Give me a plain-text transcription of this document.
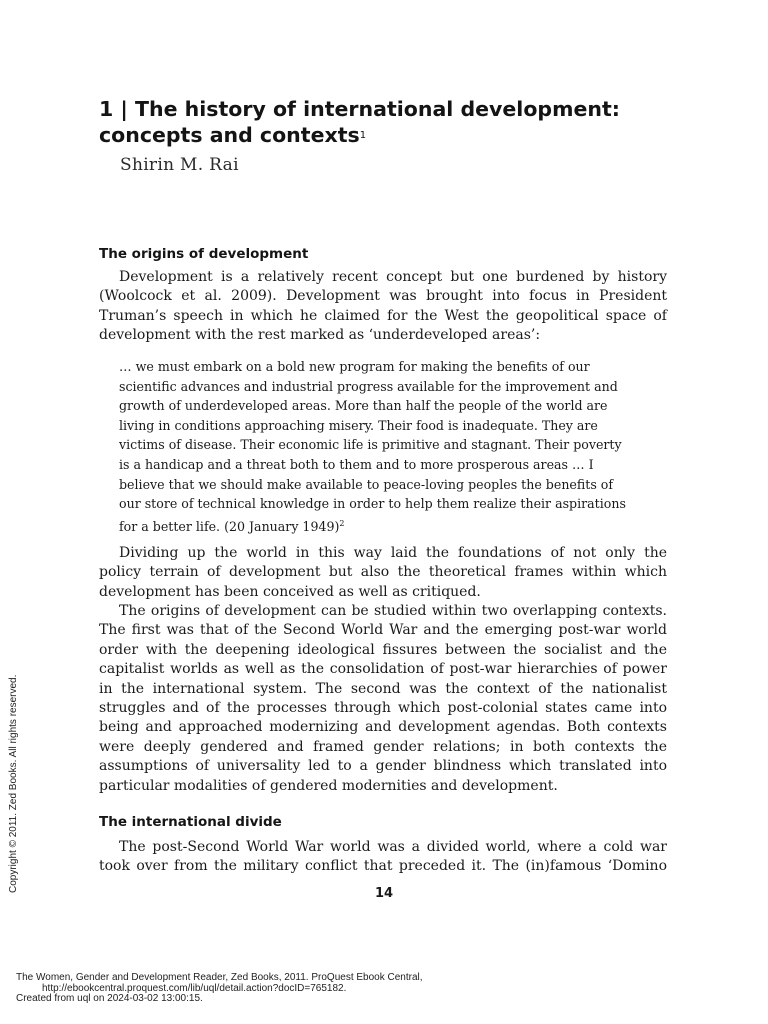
1 | The history of international development:
concepts and contexts$^1$
Shirin M. Rai
The origins of development

Development is a relatively recent concept but one burdened by history
(Woolcock et al. 2009). Development was brought into focus in President
Truman’s speech in which he claimed for the West the geopolitical space of
development with the rest marked as ‘underdeveloped areas’:

… we must embark on a bold new program for making the benefits of our
scientific advances and industrial progress available for the improvement and
growth of underdeveloped areas. More than half the people of the world are
living in conditions approaching misery. Their food is inadequate. They are
victims of disease. Their economic life is primitive and stagnant. Their poverty
is a handicap and a threat both to them and to more prosperous areas … I
believe that we should make available to peace-loving peoples the benefits of
our store of technical knowledge in order to help them realize their aspirations
for a better life. (20 January 1949)$^2$

Dividing up the world in this way laid the foundations of not only the
policy terrain of development but also the theoretical frames within which
development has been conceived as well as critiqued.

The origins of development can be studied within two overlapping contexts.
The first was that of the Second World War and the emerging post-war world
order with the deepening ideological fissures between the socialist and the
capitalist worlds as well as the consolidation of post-war hierarchies of power
in the international system. The second was the context of the nationalist
struggles and of the processes through which post-colonial states came into
being and approached modernizing and development agendas. Both contexts
were deeply gendered and framed gender relations; in both contexts the
assumptions of universality led to a gender blindness which translated into
particular modalities of gendered modernities and development.

The international divide

The post-Second World War world was a divided world, where a cold war
took over from the military conflict that preceded it. The (in)famous ‘Domino

14
Copyright © 2011. Zed Books. All rights reserved.
The Women, Gender and Development Reader, Zed Books, 2011. ProQuest Ebook Central,
http://ebookcentral.proquest.com/lib/uql/detail.action?docID=765182.
Created from uql on 2024-03-02 13:00:15.
